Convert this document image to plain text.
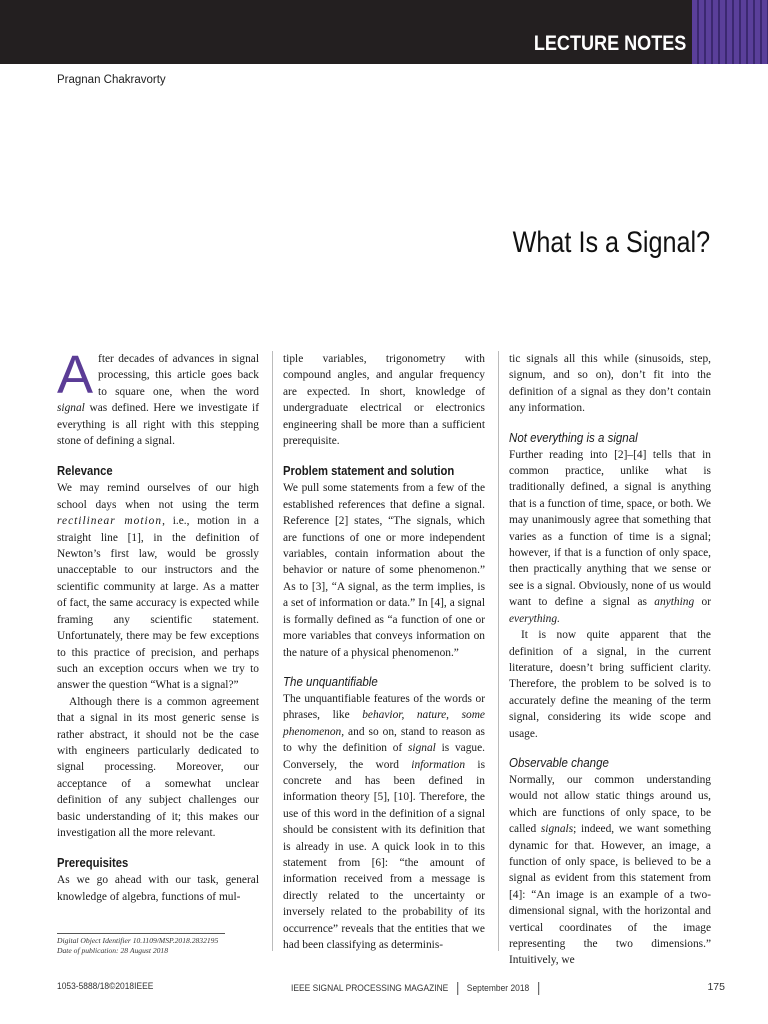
LECTURE NOTES
Pragnan Chakravorty
What Is a Signal?

After decades of advances in signal processing, this article goes back to square one, when the word signal was defined. Here we investigate if everything is all right with this stepping stone of defining a signal.

Relevance

We may remind ourselves of our high school days when not using the term rectilinear motion, i.e., motion in a straight line [1], in the definition of Newton’s first law, would be grossly unacceptable to our instructors and the scientific community at large. As a matter of fact, the same accuracy is expected while framing any scientific statement. Unfortunately, there may be few exceptions to this practice of precision, and perhaps such an exception occurs when we try to answer the question “What is a signal?”

Although there is a common agreement that a signal in its most generic sense is rather abstract, it should not be the case with engineers particularly dedicated to signal processing. Moreover, our acceptance of a somewhat unclear definition of any subject challenges our basic understanding of it; this makes our investigation all the more relevant.

Prerequisites

As we go ahead with our task, general knowledge of algebra, functions of mul-

tiple variables, trigonometry with compound angles, and angular frequency are expected. In short, knowledge of undergraduate electrical or electronics engineering shall be more than a sufficient prerequisite.

Problem statement and solution

We pull some statements from a few of the established references that define a signal. Reference [2] states, “The signals, which are functions of one or more independent variables, contain information about the behavior or nature of some phenomenon.” As to [3], “A signal, as the term implies, is a set of information or data.” In [4], a signal is formally defined as “a function of one or more variables that conveys information on the nature of a physical phenomenon.”

The unquantifiable

The unquantifiable features of the words or phrases, like behavior, nature, some phenomenon, and so on, stand to reason as to why the definition of signal is vague. Conversely, the word information is concrete and has been defined in information theory [5], [10]. Therefore, the use of this word in the definition of a signal should be consistent with its definition that is already in use. A quick look in to this statement from [6]: “the amount of information received from a message is directly related to the uncertainty or inversely related to the probability of its occurrence” reveals that the entities that we had been classifying as determinis-

tic signals all this while (sinusoids, step, signum, and so on), don’t fit into the definition of a signal as they don’t contain any information.

Not everything is a signal

Further reading into [2]–[4] tells that in common practice, unlike what is traditionally defined, a signal is anything that is a function of time, space, or both. We may unanimously agree that something that varies as a function of time is a signal; however, if that is a function of only space, then practically anything that we sense or see is a signal. Obviously, none of us would want to define a signal as anything or everything.

It is now quite apparent that the definition of a signal, in the current literature, doesn’t bring sufficient clarity. Therefore, the problem to be solved is to accurately define the meaning of the term signal, considering its wide scope and usage.

Observable change

Normally, our common understanding would not allow static things around us, which are functions of only space, to be called signals; indeed, we want something dynamic for that. However, an image, a function of only space, is believed to be a signal as evident from this statement from [4]: “An image is an example of a two-dimensional signal, with the horizontal and vertical coordinates of the image representing the two dimensions.” Intuitively, we

Digital Object Identifier 10.1109/MSP.2018.2832195
Date of publication: 28 August 2018
1053-5888/18©2018IEEE	IEEE SIGNAL PROCESSING MAGAZINE September 2018	175
